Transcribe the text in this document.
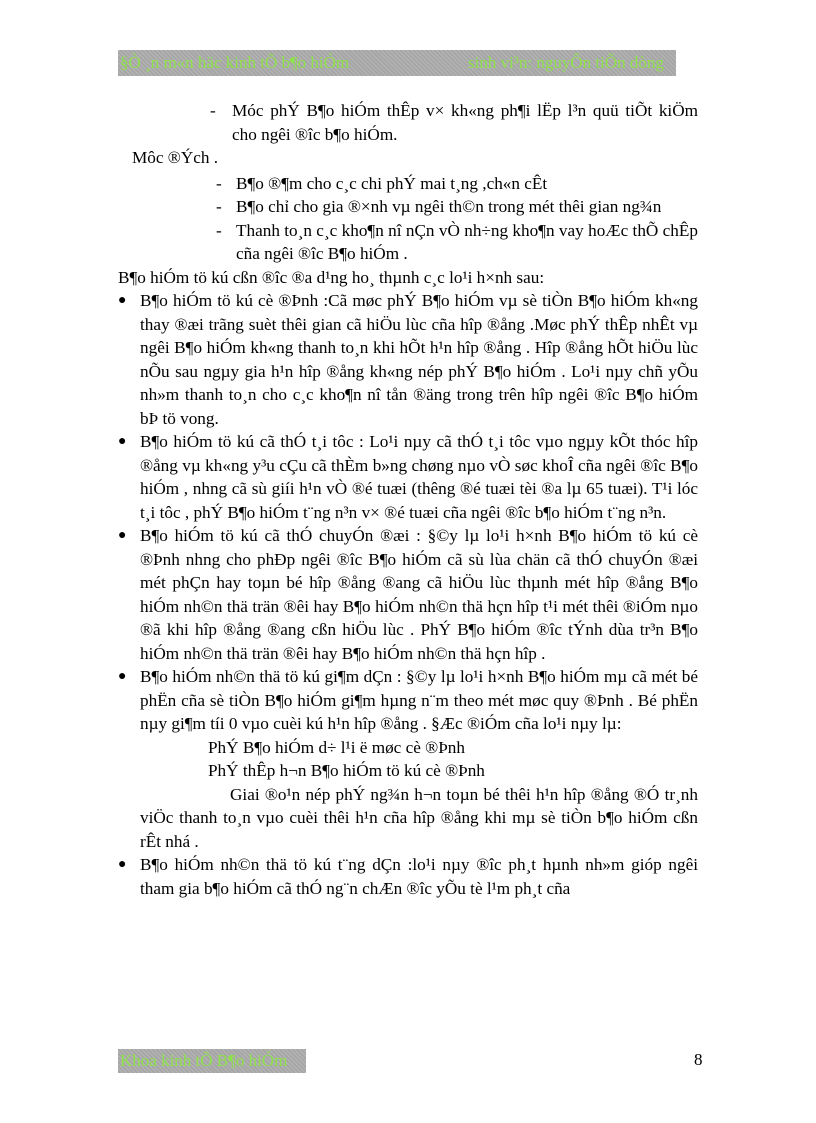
§Ò ¸n m«n häc kinh tÕ b¶o hiÓm	sinh vi³n: nguyÔn tiÕn dòng

- Móc phÝ B¶o hiÓm thÊp v× kh«ng ph¶i lËp l³n quü tiÕt kiÖm cho ngêi ®îc b¶o hiÓm.

Môc ®Ých .

- B¶o ®¶m cho c¸c chi phÝ mai t¸ng ,ch«n cÊt

- B¶o chỉ cho gia ®×nh vµ ngêi th©n trong mét thêi gian ng¾n

- Thanh to¸n c¸c kho¶n nî nÇn vÒ nh÷ng kho¶n vay hoÆc thÕ chÊp cña ngêi ®îc B¶o hiÓm .

B¶o hiÓm tö kú cßn ®îc ®a d¹ng ho¸ thµnh c¸c lo¹i h×nh sau:

● B¶o hiÓm tö kú cè ®Þnh :Cã møc phÝ B¶o hiÓm vµ sè tiÒn B¶o hiÓm kh«ng thay ®æi trãng suèt thêi gian cã hiÖu lùc cña hîp ®ång .Møc phÝ thÊp nhÊt vµ ngêi B¶o hiÓm kh«ng thanh to¸n khi hÕt h¹n hîp ®ång . Hîp ®ång hÕt hiÖu lùc nÕu sau ngµy gia h¹n hîp ®ång kh«ng nép phÝ B¶o hiÓm . Lo¹i nµy chñ yÕu nh»m thanh to¸n cho c¸c kho¶n nî tån ®äng trong trên hîp ngêi ®îc B¶o hiÓm bÞ tö vong.

● B¶o hiÓm tö kú cã thÓ t¸i tôc : Lo¹i nµy cã thÓ t¸i tôc vµo ngµy kÕt thóc hîp ®ång vµ kh«ng y³u cÇu cã thÈm b»ng chøng nµo vÒ søc khoÎ cña ngêi ®îc B¶o hiÓm , nhng cã sù giíi h¹n vÒ ®é tuæi (thêng ®é tuæi tèi ®a lµ 65 tuæi). T¹i lóc t¸i tôc , phÝ B¶o hiÓm t¨ng n³n v× ®é tuæi cña ngêi ®îc b¶o hiÓm t¨ng n³n.

● B¶o hiÓm tö kú cã thÓ chuyÓn ®æi : §©y lµ lo¹i h×nh B¶o hiÓm tö kú cè ®Þnh nhng cho phÐp ngêi ®îc B¶o hiÓm cã sù lùa chän cã thÓ chuyÓn ®æi mét phÇn hay toµn bé hîp ®ång ®ang cã hiÖu lùc thµnh mét hîp ®ång B¶o hiÓm nh©n thä trän ®êi hay B¶o hiÓm nh©n thä hçn hîp t¹i mét thêi ®iÓm nµo ®ã khi hîp ®ång ®ang cßn hiÖu lùc . PhÝ B¶o hiÓm ®îc tÝnh dùa tr³n B¶o hiÓm nh©n thä trän ®êi hay B¶o hiÓm nh©n thä hçn hîp .

● B¶o hiÓm nh©n thä tö kú gi¶m dÇn : §©y lµ lo¹i h×nh B¶o hiÓm mµ cã mét bé phËn cña sè tiÒn B¶o hiÓm gi¶m hµng n¨m theo mét møc quy ®Þnh . Bé phËn nµy gi¶m tíi 0 vµo cuèi kú h¹n hîp ®ång . §Æc ®iÓm cña lo¹i nµy lµ:

PhÝ B¶o hiÓm d÷ l¹i ë møc cè ®Þnh

PhÝ thÊp h¬n B¶o hiÓm tö kú cè ®Þnh

Giai ®o¹n nép phÝ ng¾n h¬n toµn bé thêi h¹n hîp ®ång ®Ó tr¸nh viÖc thanh to¸n vµo cuèi thêi h¹n cña hîp ®ång khi mµ sè tiÒn b¶o hiÓm cßn rÊt nhá .

● B¶o hiÓm nh©n thä tö kú t¨ng dÇn :lo¹i nµy ®îc ph¸t hµnh nh»m gióp ngêi tham gia b¶o hiÓm cã thÓ ng¨n chÆn ®îc yÕu tè l¹m ph¸t cña

Khoa kinh tÕ B¶o hiÓm	8
